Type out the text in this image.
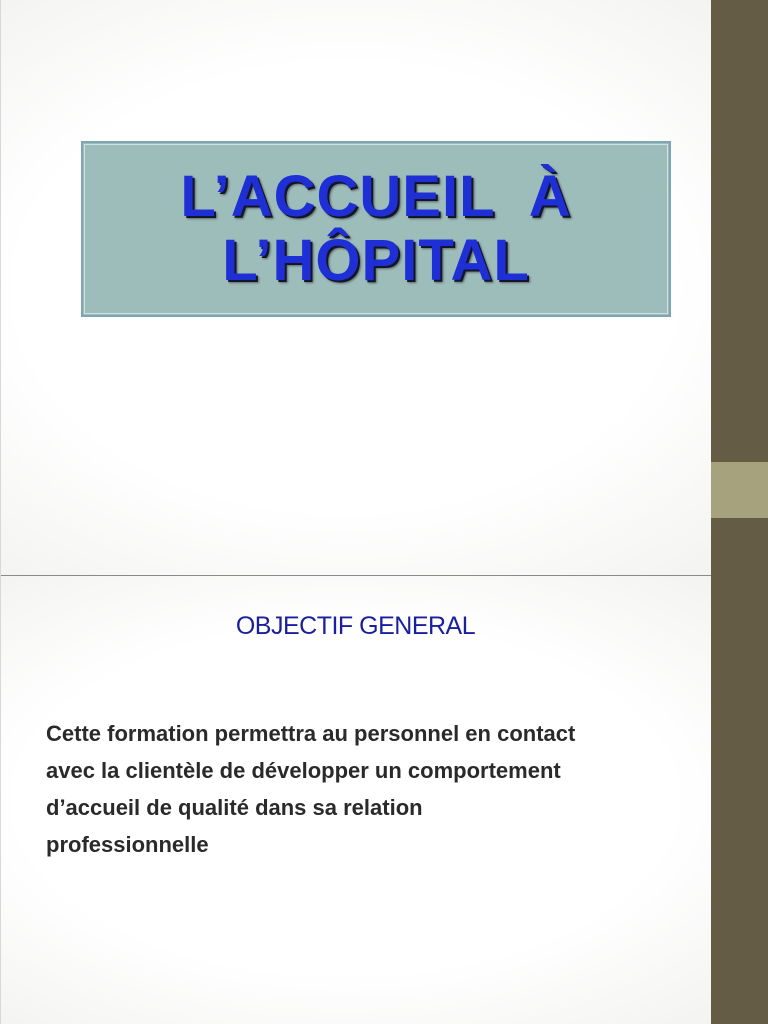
L’ACCUEIL  À
L’HÔPITAL
OBJECTIF GENERAL
Cette formation permettra au personnel en contact
avec la clientèle de développer un comportement
d’accueil de qualité dans sa relation
professionnelle
